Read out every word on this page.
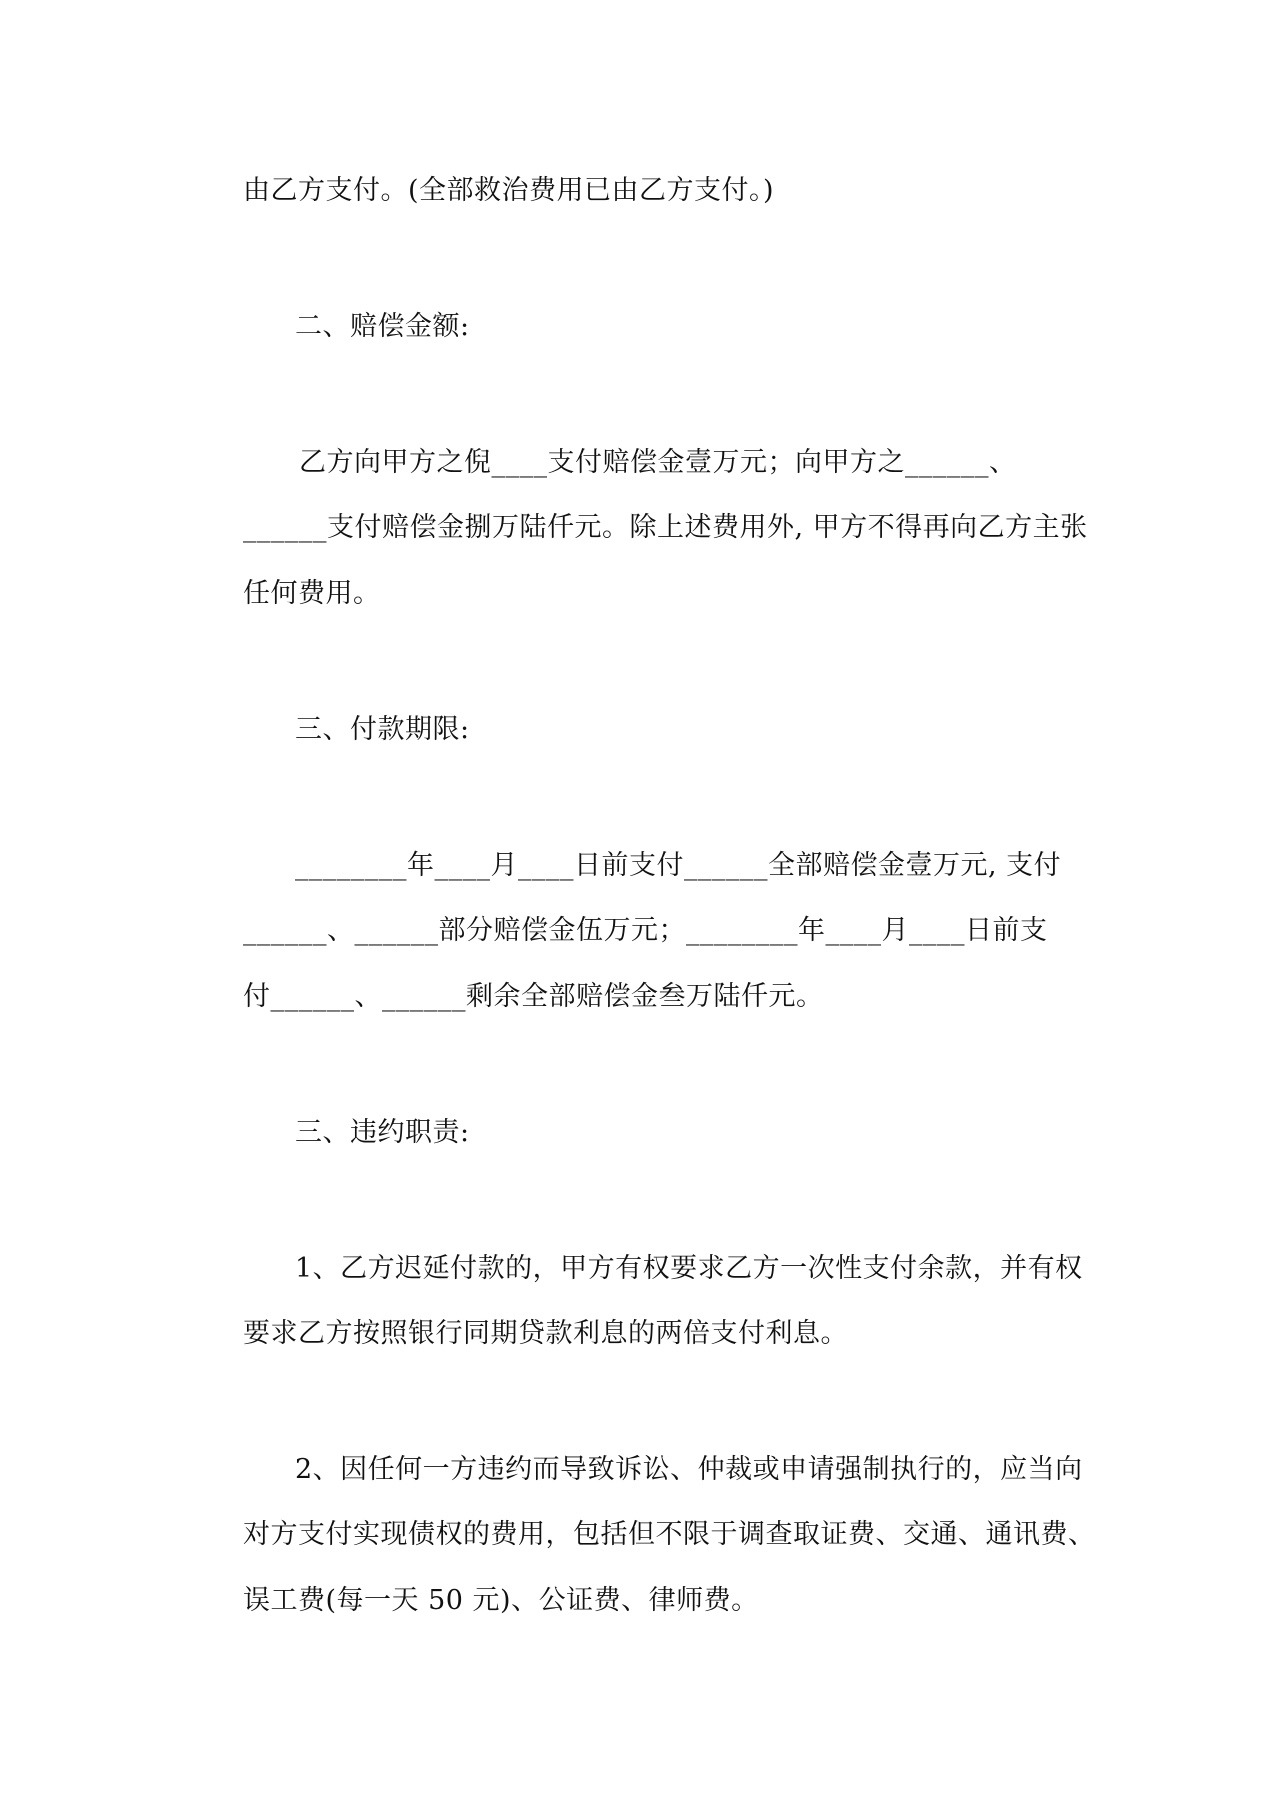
由乙方支付。(全部救治费用已由乙方支付。)
二、赔偿金额:
乙方向甲方之倪____支付赔偿金壹万元；向甲方之______、
______支付赔偿金捌万陆仟元。除上述费用外, 甲方不得再向乙方主张
任何费用。
三、付款期限:
________年____月____日前支付______全部赔偿金壹万元, 支付
______、______部分赔偿金伍万元；________年____月____日前支
付______、______剩余全部赔偿金叁万陆仟元。
三、违约职责:
1、乙方迟延付款的，甲方有权要求乙方一次性支付余款，并有权
要求乙方按照银行同期贷款利息的两倍支付利息。
2、因任何一方违约而导致诉讼、仲裁或申请强制执行的，应当向
对方支付实现债权的费用，包括但不限于调查取证费、交通、通讯费、
误工费(每一天 50 元)、公证费、律师费。
